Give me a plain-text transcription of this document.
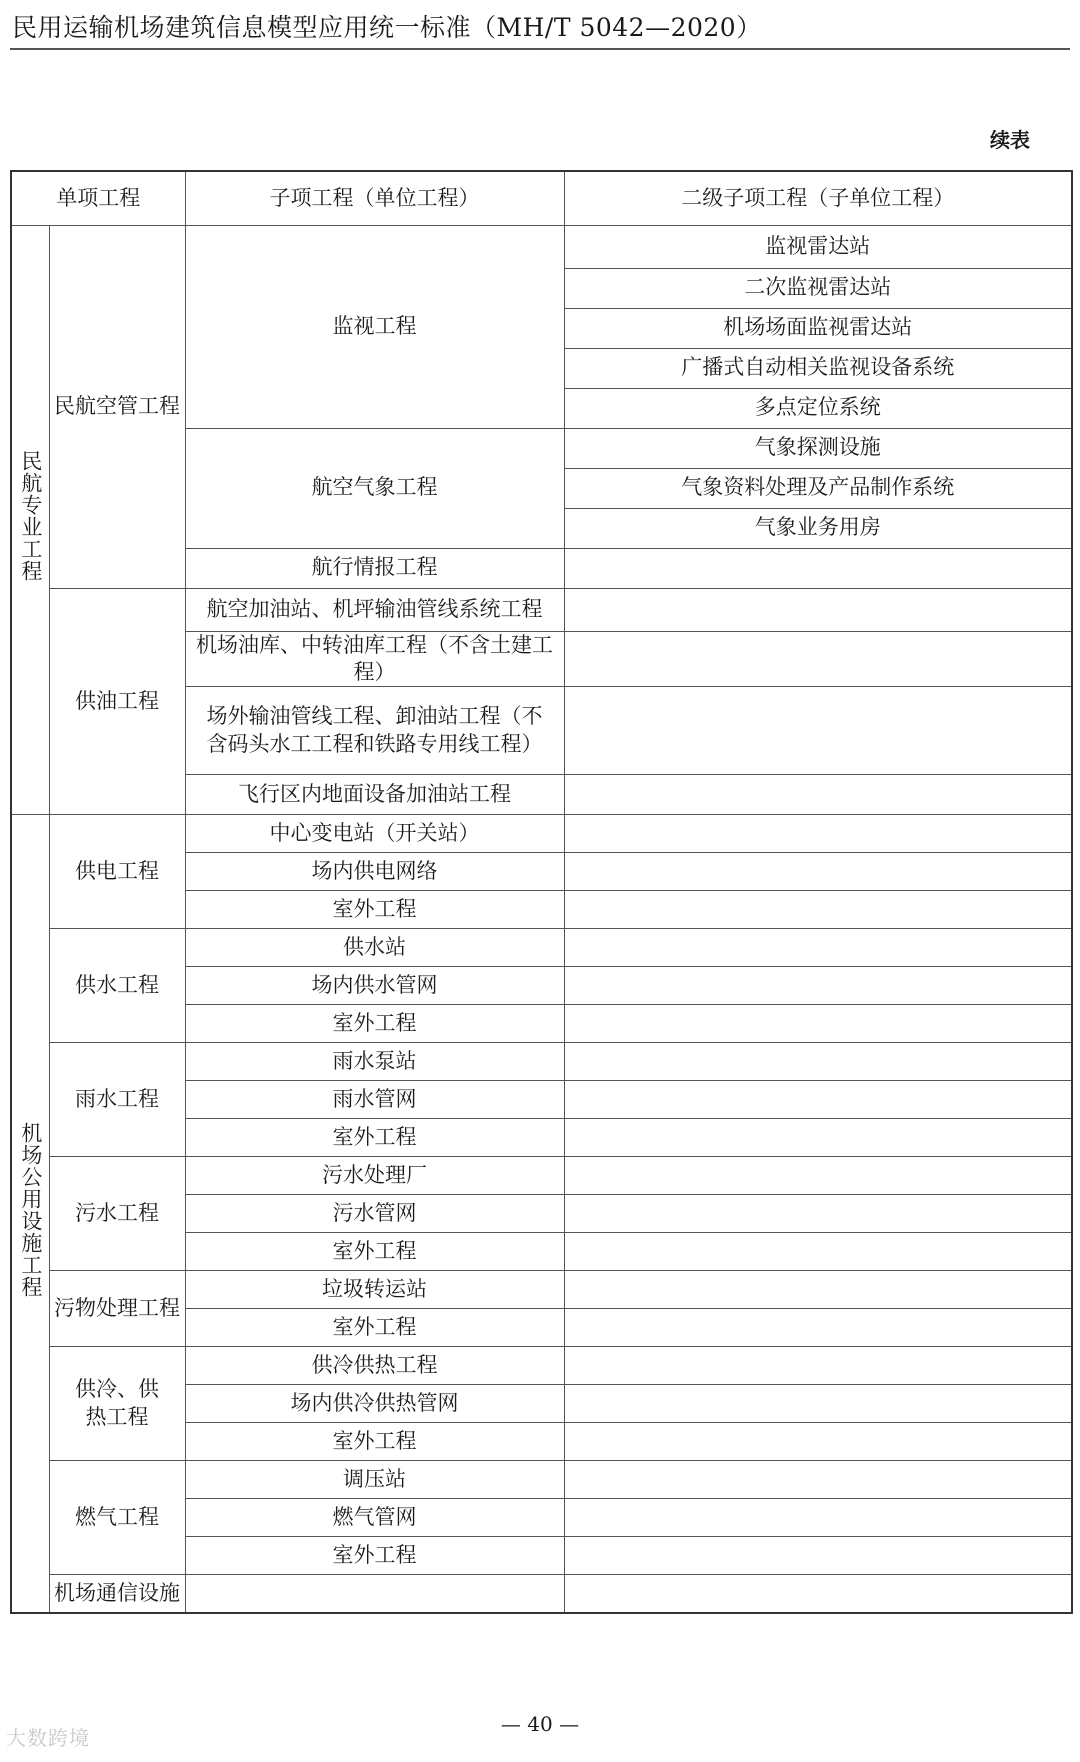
民用运输机场建筑信息模型应用统一标准（MH/T 5042—2020）
续表
单项工程		子项工程（单位工程）	二级子项工程（子单位工程）
民航专业工程	民航空管工程	监视工程	监视雷达站
			二次监视雷达站
			机场场面监视雷达站
			广播式自动相关监视设备系统
			多点定位系统
		航空气象工程	气象探测设施
			气象资料处理及产品制作系统
			气象业务用房
		航行情报工程	
	供油工程	航空加油站、机坪输油管线系统工程	
		机场油库、中转油库工程（不含土建工程）	
		场外输油管线工程、卸油站工程（不含码头水工工程和铁路专用线工程）	
		飞行区内地面设备加油站工程	
机场公用设施工程	供电工程	中心变电站（开关站）	
		场内供电网络	
		室外工程	
	供水工程	供水站	
		场内供水管网	
		室外工程	
	雨水工程	雨水泵站	
		雨水管网	
		室外工程	
	污水工程	污水处理厂	
		污水管网	
		室外工程	
	污物处理工程	垃圾转运站	
		室外工程	
	供冷、供热工程	供冷供热工程	
		场内供冷供热管网	
		室外工程	
	燃气工程	调压站	
		燃气管网	
		室外工程	
	机场通信设施		
— 40 —
大数跨境
